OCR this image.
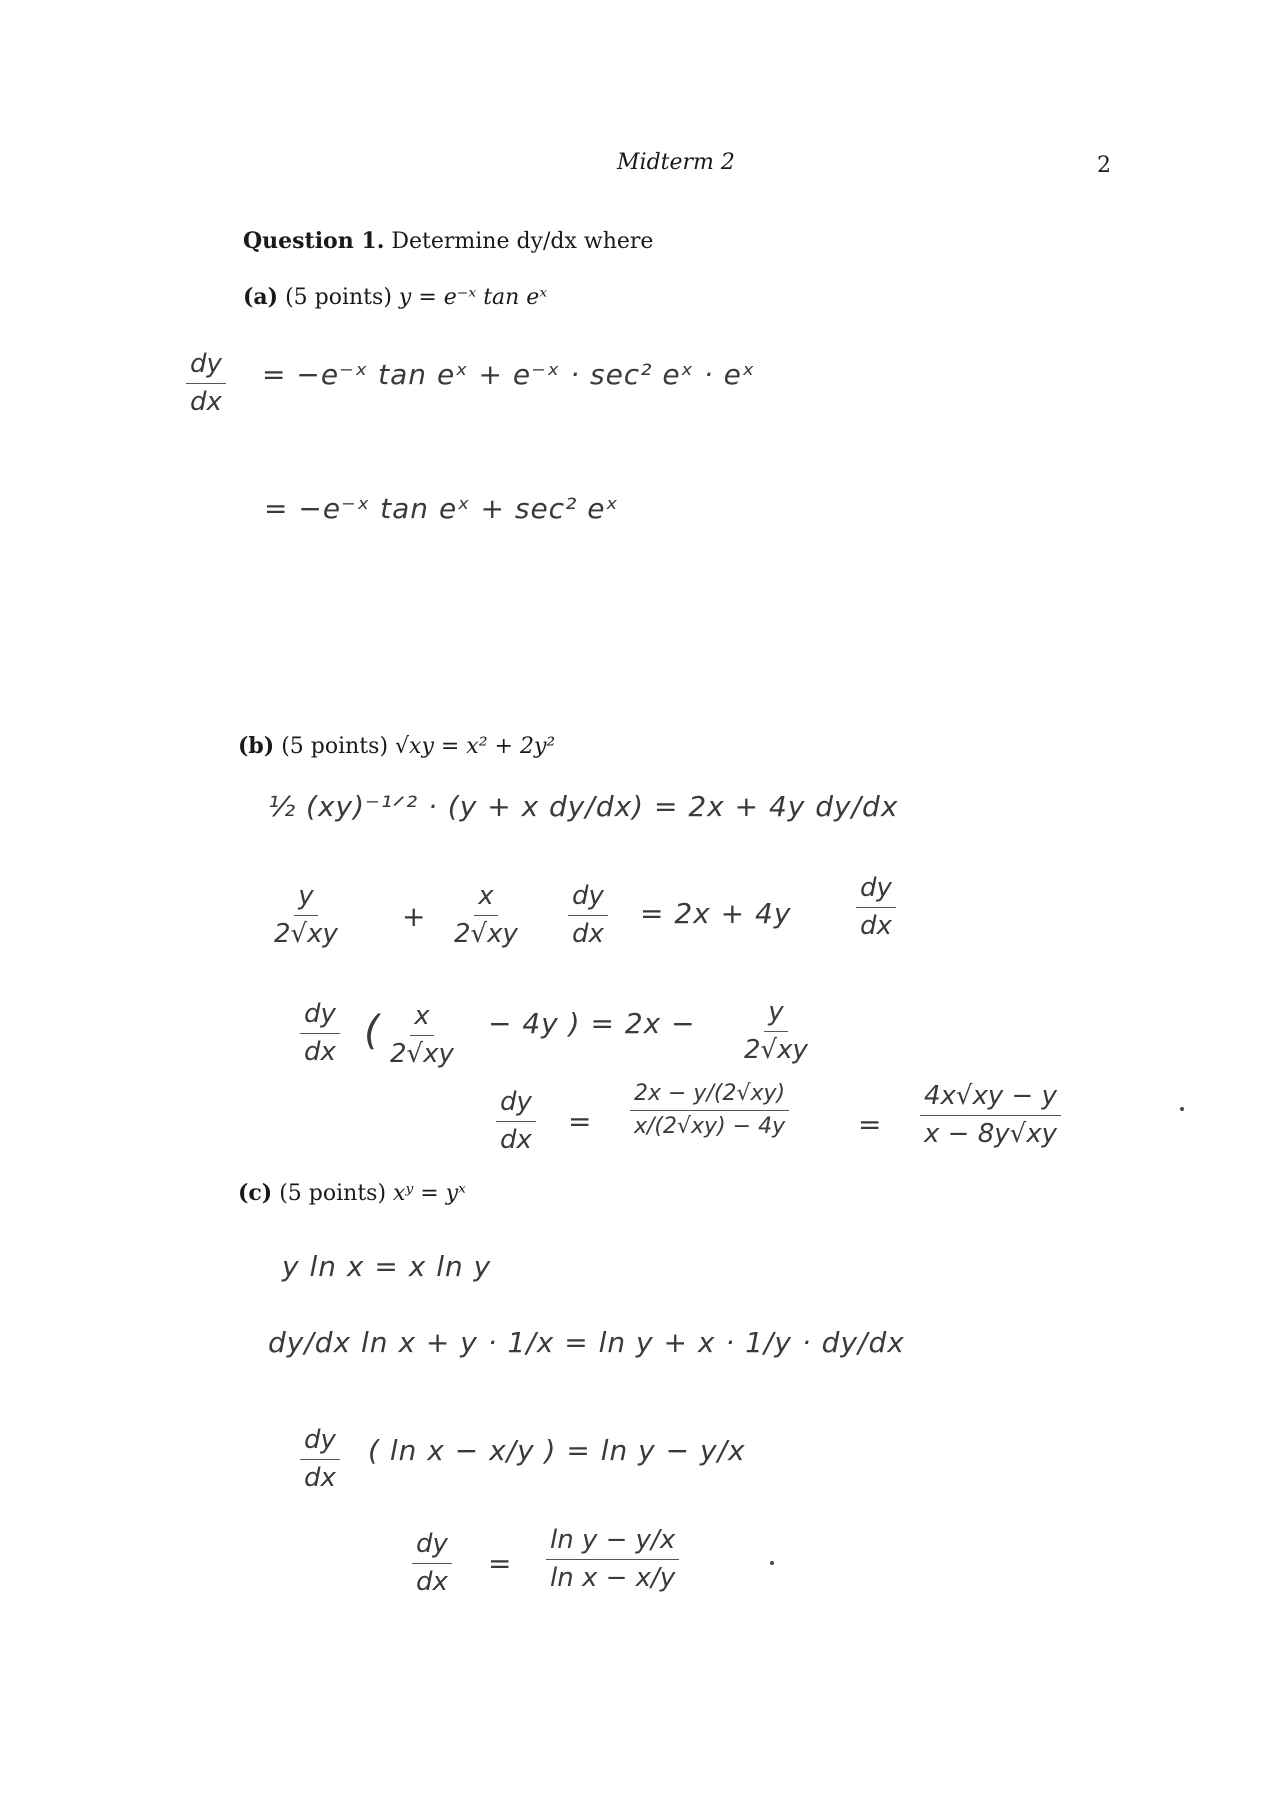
Midterm 2	2
Question 1. Determine dy/dx where
(a) (5 points) y = e⁻ˣ tan eˣ
$\frac{dy}{dx}$ = −e⁻ˣ tan eˣ + e⁻ˣ · sec² eˣ · eˣ
= −e⁻ˣ tan eˣ + sec² eˣ
(b) (5 points) √xy = x² + 2y²
½ (xy)⁻¹ᐟ² · (y + x dy/dx) = 2x + 4y dy/dx
$\frac{y}{2√xy} + \frac{x}{2√xy} \frac{dy}{dx} = 2x + 4y \frac{dy}{dx}$
$\frac{dy}{dx}$ ( $\frac{x}{2√xy} - 4y$ ) = $2x - \frac{y}{2√xy}$
$\frac{dy}{dx} = \frac{2x - y/(2√xy)}{x/(2√xy) - 4y} = \frac{4x√xy - y}{x - 8y√xy}$
(c) (5 points) xʸ = yˣ
y ln x = x ln y
dy/dx ln x + y · 1/x = ln y + x · 1/y · dy/dx
$\frac{dy}{dx}$ ( ln x − x/y ) = ln y − y/x
$\frac{dy}{dx} = \frac{\text{ln y − y/x}}{\text{ln x − x/y}}$
